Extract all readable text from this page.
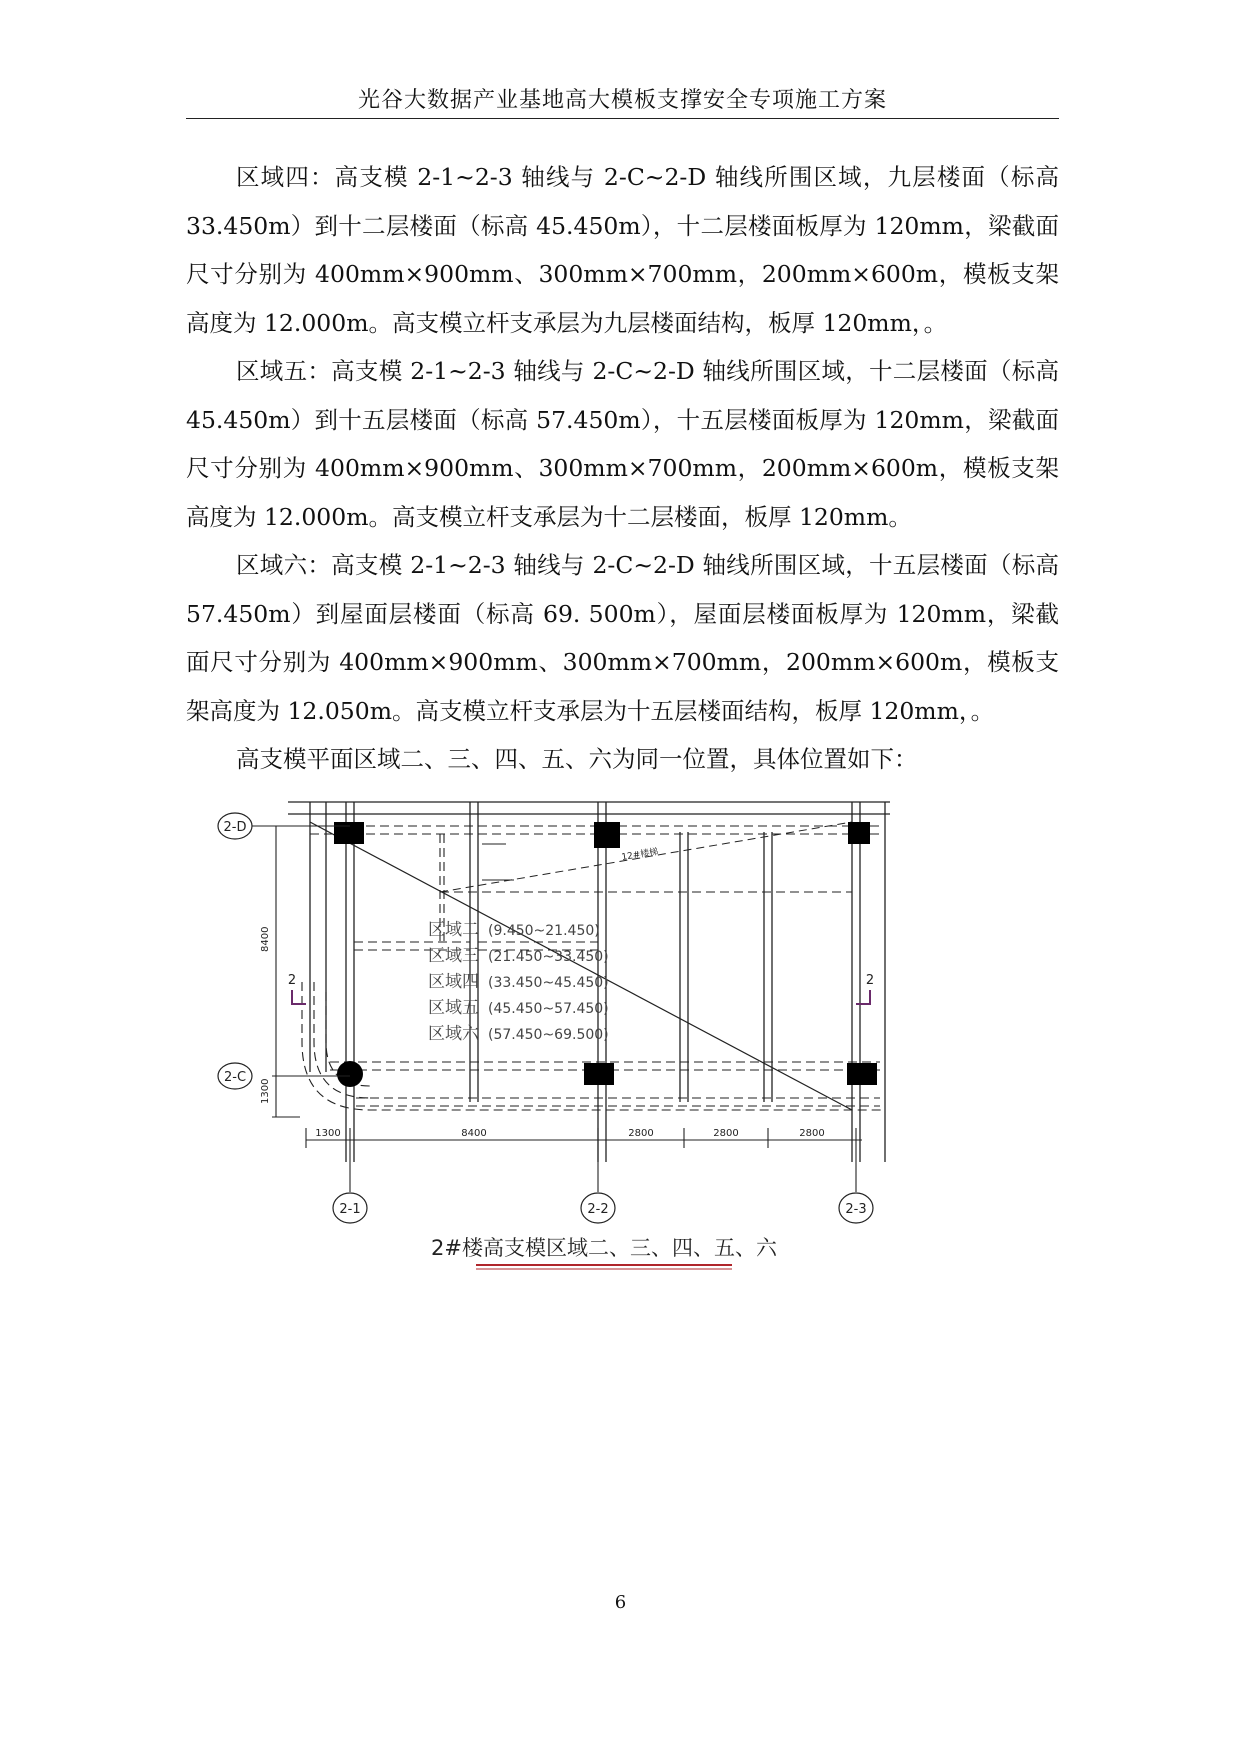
光谷大数据产业基地高大模板支撑安全专项施工方案

区域四：高支模 2-1~2-3 轴线与 2-C~2-D 轴线所围区域，九层楼面（标高 33.450m）到十二层楼面（标高 45.450m），十二层楼面板厚为 120mm，梁截面尺寸分别为 400mm×900mm、300mm×700mm，200mm×600m，模板支架高度为 12.000m。高支模立杆支承层为九层楼面结构，板厚 120mm，。

区域五：高支模 2-1~2-3 轴线与 2-C~2-D 轴线所围区域，十二层楼面（标高 45.450m）到十五层楼面（标高 57.450m），十五层楼面板厚为 120mm，梁截面尺寸分别为 400mm×900mm、300mm×700mm，200mm×600m，模板支架高度为 12.000m。高支模立杆支承层为十二层楼面，板厚 120mm。

区域六：高支模 2-1~2-3 轴线与 2-C~2-D 轴线所围区域，十五层楼面（标高 57.450m）到屋面层楼面（标高 69. 500m），屋面层楼面板厚为 120mm，梁截面尺寸分别为 400mm×900mm、300mm×700mm，200mm×600m，模板支架高度为 12.050m。高支模立杆支承层为十五层楼面结构，板厚 120mm，。

高支模平面区域二、三、四、五、六为同一位置，具体位置如下：

8400
1300
2-D
2-C
2	2
12#楼梯
区域二 (9.450~21.450)
区域三 (21.450~33.450)
区域四 (33.450~45.450)
区域五 (45.450~57.450)
区域六 (57.450~69.500)
1300	8400	2800	2800	2800
2-1	2-2	2-3
2#楼高支模区域二、三、四、五、六
6
